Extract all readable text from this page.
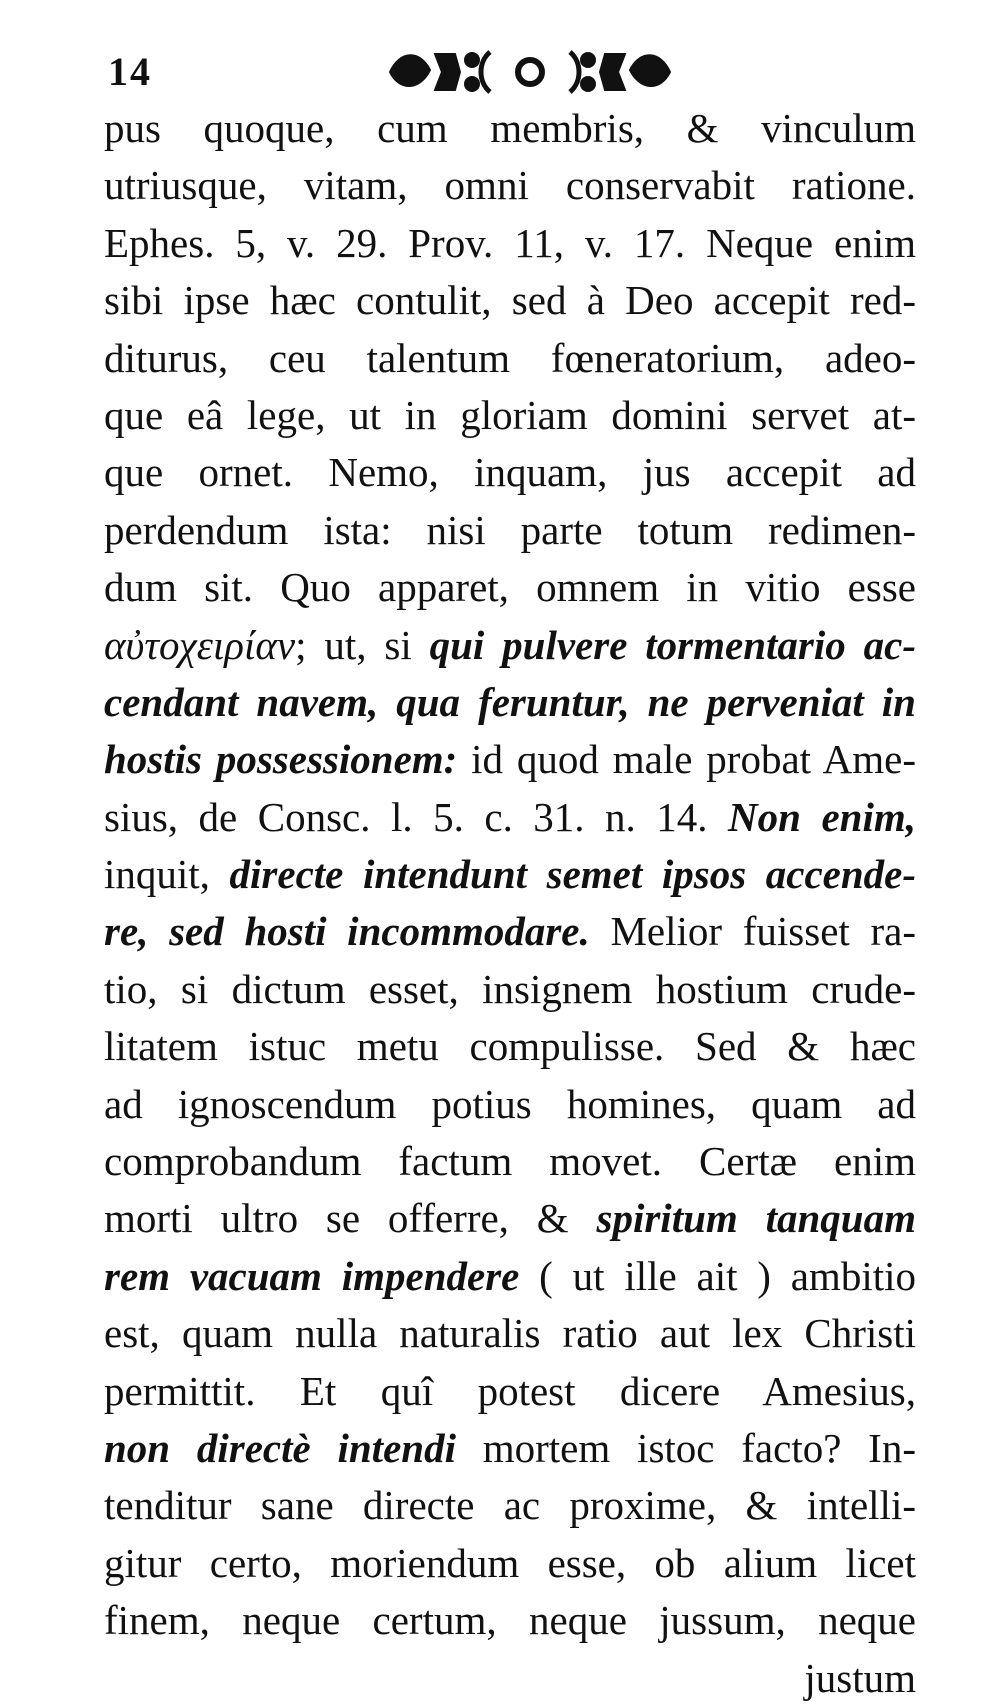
14
pus quoque, cum membris, & vinculum
utriusque, vitam, omni conservabit ratione.
Ephes. 5, v. 29. Prov. 11, v. 17. Neque enim
sibi ipse hæc contulit, sed à Deo accepit red-
diturus, ceu talentum fœneratorium, adeo-
que eâ lege, ut in gloriam domini servet at-
que ornet. Nemo, inquam, jus accepit ad
perdendum ista: nisi parte totum redimen-
dum sit. Quo apparet, omnem in vitio esse
αὐτοχειρίαν; ut, si qui pulvere tormentario ac-
cendant navem, qua feruntur, ne perveniat in
hostis possessionem: id quod male probat Ame-
sius, de Consc. l. 5. c. 31. n. 14. Non enim,
inquit, directe intendunt semet ipsos accende-
re, sed hosti incommodare. Melior fuisset ra-
tio, si dictum esset, insignem hostium crude-
litatem istuc metu compulisse. Sed & hæc
ad ignoscendum potius homines, quam ad
comprobandum factum movet. Certæ enim
morti ultro se offerre, & spiritum tanquam
rem vacuam impendere ( ut ille ait ) ambitio
est, quam nulla naturalis ratio aut lex Christi
permittit. Et quî potest dicere Amesius,
non directè intendi mortem istoc facto? In-
tenditur sane directe ac proxime, & intelli-
gitur certo, moriendum esse, ob alium licet
finem, neque certum, neque jussum, neque
justum
